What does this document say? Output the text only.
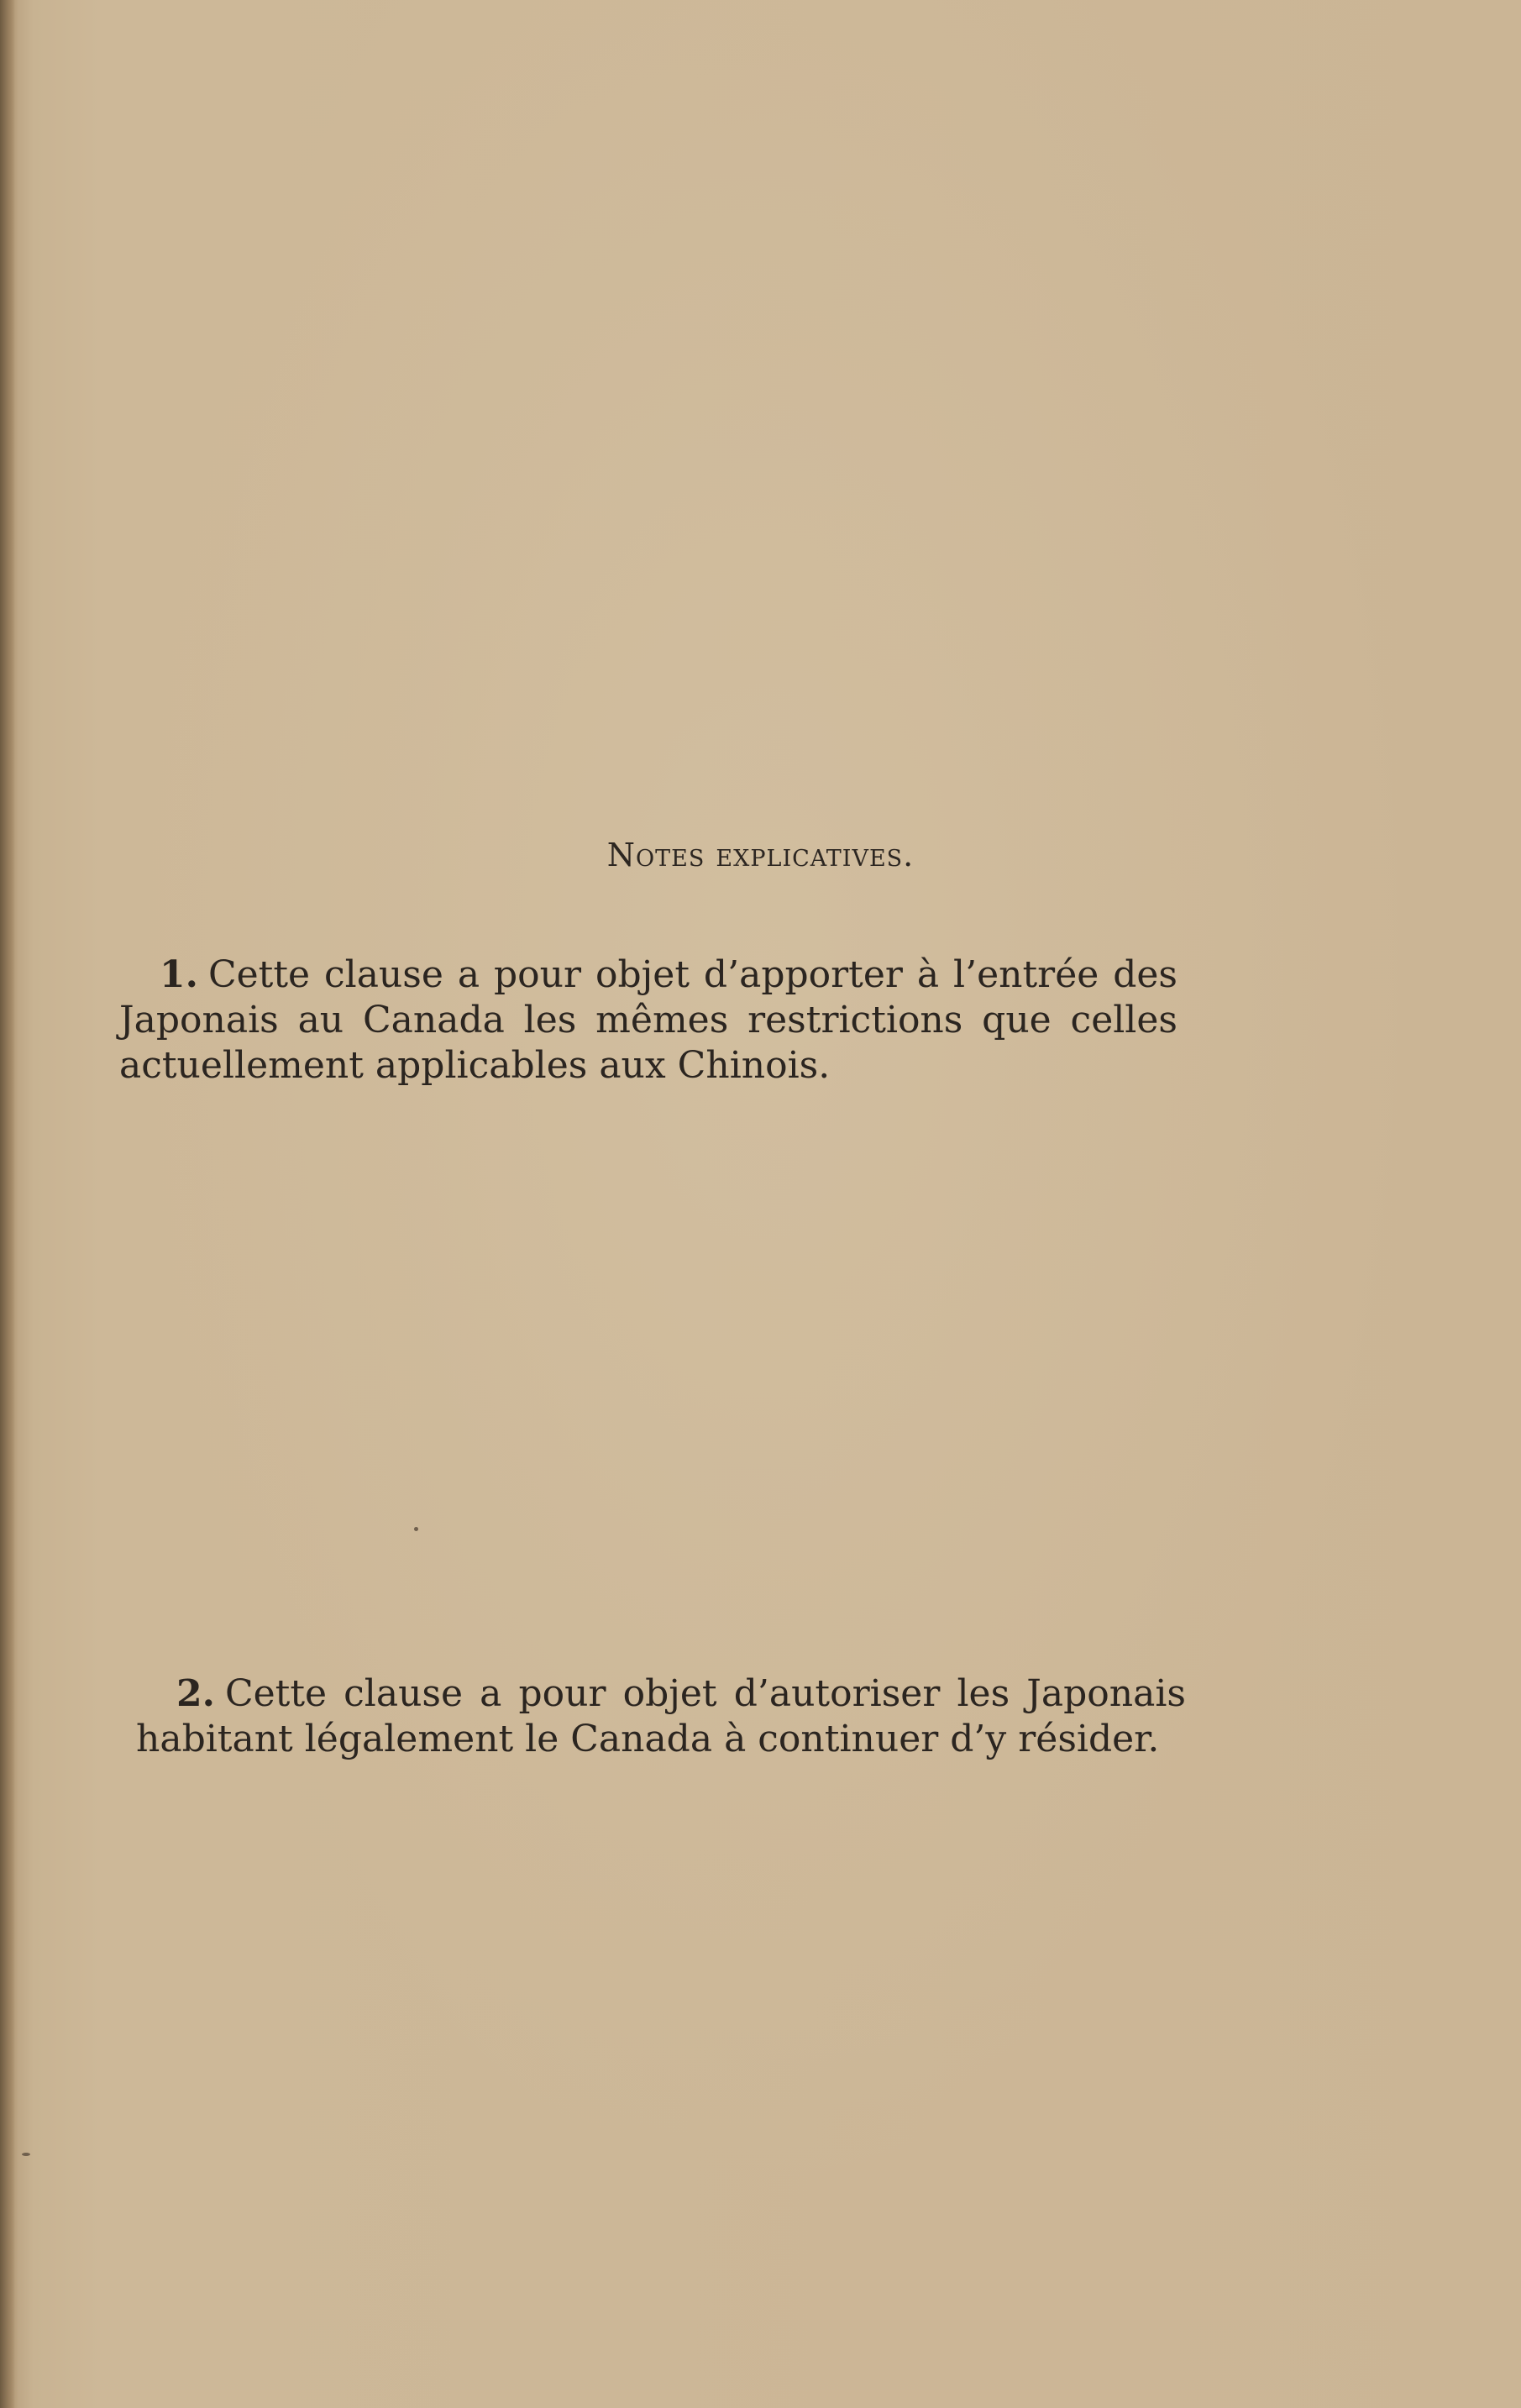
Notes explicatives.

1. Cette clause a pour objet d’apporter à l’entrée des Japonais au Canada les mêmes restrictions que celles actuellement applicables aux Chinois.

2. Cette clause a pour objet d’autoriser les Japonais habitant légalement le Canada à continuer d’y résider.
